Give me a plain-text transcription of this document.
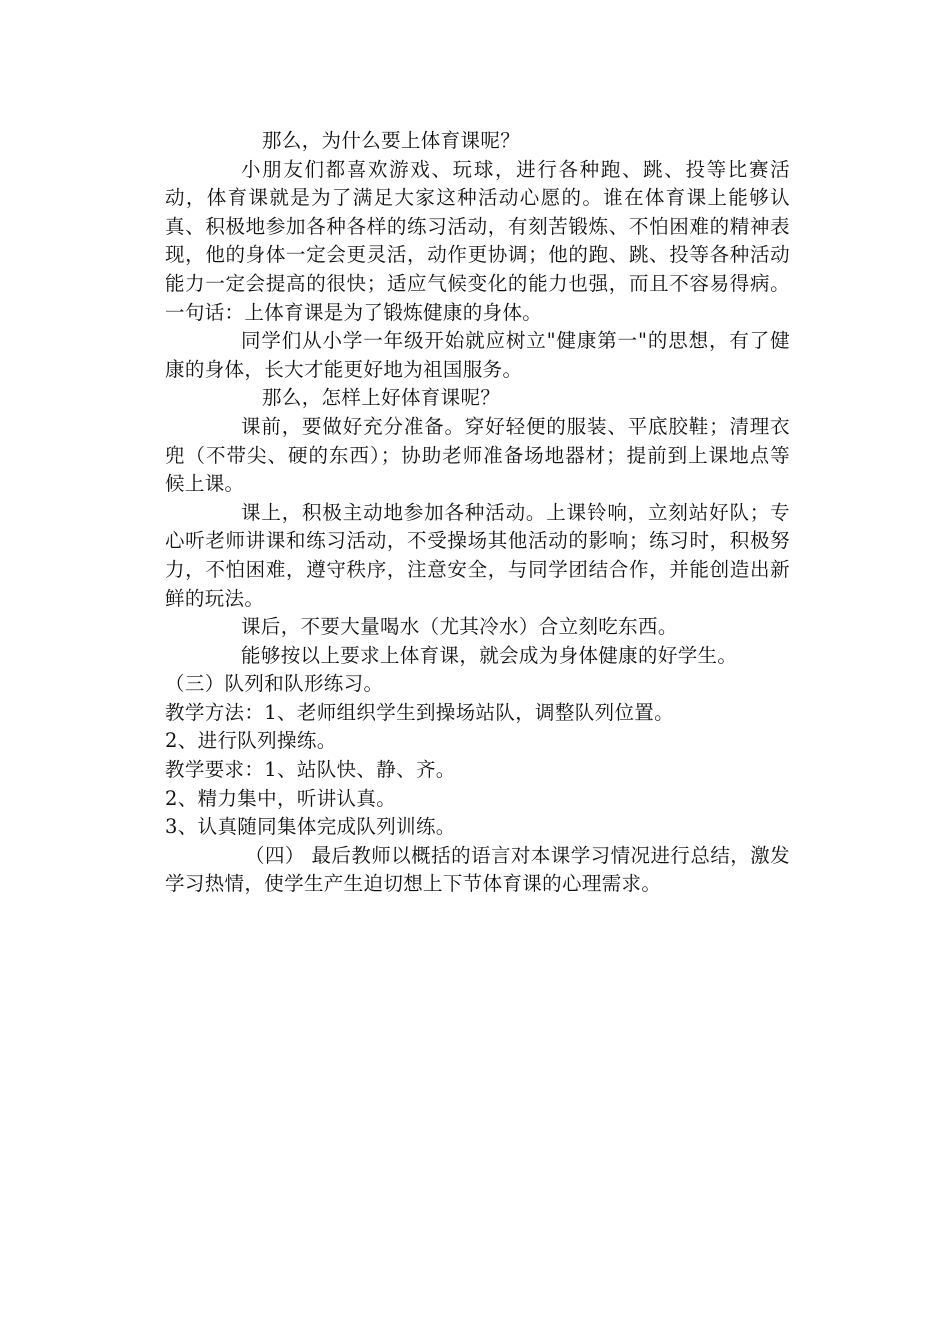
那么，为什么要上体育课呢？

小朋友们都喜欢游戏、玩球，进行各种跑、跳、投等比赛活动，体育课就是为了满足大家这种活动心愿的。谁在体育课上能够认真、积极地参加各种各样的练习活动，有刻苦锻炼、不怕困难的精神表现，他的身体一定会更灵活，动作更协调；他的跑、跳、投等各种活动能力一定会提高的很快；适应气候变化的能力也强，而且不容易得病。一句话：上体育课是为了锻炼健康的身体。

同学们从小学一年级开始就应树立"健康第一"的思想，有了健康的身体，长大才能更好地为祖国服务。

那么，怎样上好体育课呢？

课前，要做好充分准备。穿好轻便的服装、平底胶鞋；清理衣兜（不带尖、硬的东西）；协助老师准备场地器材；提前到上课地点等候上课。

课上，积极主动地参加各种活动。上课铃响，立刻站好队；专心听老师讲课和练习活动，不受操场其他活动的影响；练习时，积极努力，不怕困难，遵守秩序，注意安全，与同学团结合作，并能创造出新鲜的玩法。

课后，不要大量喝水（尤其冷水）合立刻吃东西。

能够按以上要求上体育课，就会成为身体健康的好学生。

（三）队列和队形练习。

教学方法：1、老师组织学生到操场站队，调整队列位置。

2、进行队列操练。

教学要求：1、站队快、静、齐。

2、精力集中，听讲认真。

3、认真随同集体完成队列训练。

（四） 最后教师以概括的语言对本课学习情况进行总结，激发学习热情，使学生产生迫切想上下节体育课的心理需求。
